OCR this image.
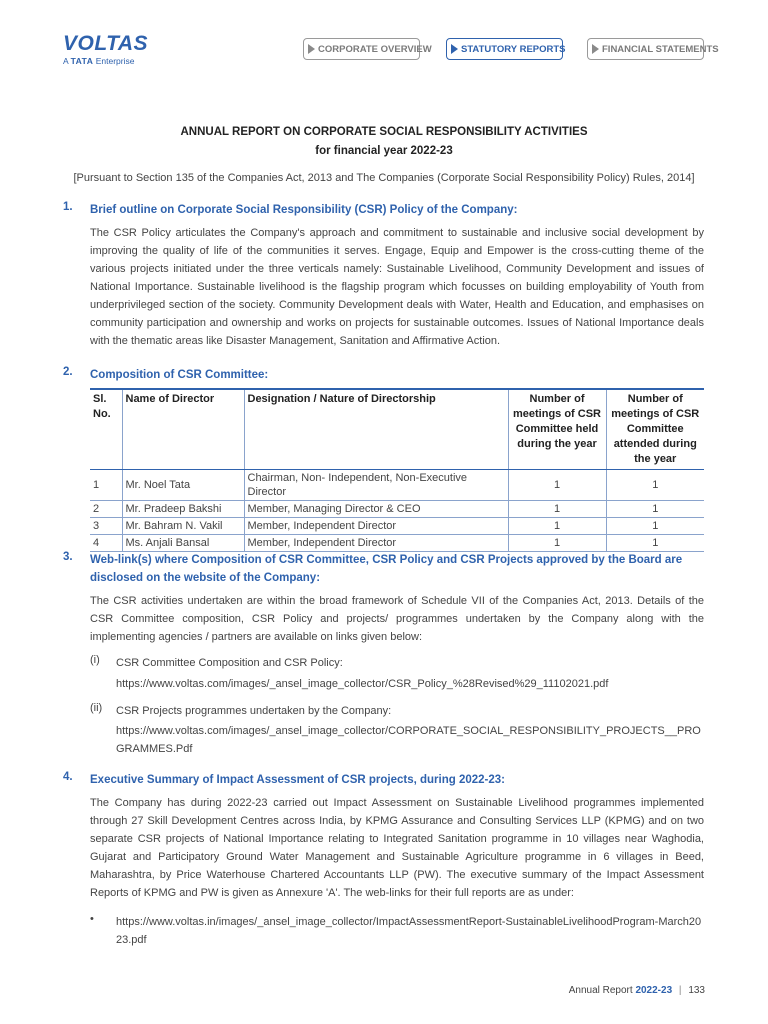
VOLTAS
A TATA Enterprise
CORPORATE OVERVIEW	STATUTORY REPORTS	FINANCIAL STATEMENTS
ANNUAL REPORT ON CORPORATE SOCIAL RESPONSIBILITY ACTIVITIES
for financial year 2022-23
[Pursuant to Section 135 of the Companies Act, 2013 and The Companies (Corporate Social Responsibility Policy) Rules, 2014]
1. Brief outline on Corporate Social Responsibility (CSR) Policy of the Company:
The CSR Policy articulates the Company's approach and commitment to sustainable and inclusive social development by improving the quality of life of the communities it serves. Engage, Equip and Empower is the cross-cutting theme of the various projects initiated under the three verticals namely: Sustainable Livelihood, Community Development and issues of National Importance. Sustainable livelihood is the flagship program which focusses on building employability of Youth from underprivileged section of the society. Community Development deals with Water, Health and Education, and emphasises on community participation and ownership and works on projects for sustainable outcomes. Issues of National Importance deals with the thematic areas like Disaster Management, Sanitation and Affirmative Action.
2. Composition of CSR Committee:
Sl. No.	Name of Director	Designation / Nature of Directorship	Number of meetings of CSR Committee held during the year	Number of meetings of CSR Committee attended during the year
1	Mr. Noel Tata	Chairman, Non- Independent, Non-Executive Director	1	1
2	Mr. Pradeep Bakshi	Member, Managing Director & CEO	1	1
3	Mr. Bahram N. Vakil	Member, Independent Director	1	1
4	Ms. Anjali Bansal	Member, Independent Director	1	1
3. Web-link(s) where Composition of CSR Committee, CSR Policy and CSR Projects approved by the Board are disclosed on the website of the Company:
The CSR activities undertaken are within the broad framework of Schedule VII of the Companies Act, 2013. Details of the CSR Committee composition, CSR Policy and projects/ programmes undertaken by the Company along with the implementing agencies / partners are available on links given below:
(i) CSR Committee Composition and CSR Policy:
https://www.voltas.com/images/_ansel_image_collector/CSR_Policy_%28Revised%29_11102021.pdf
(ii) CSR Projects programmes undertaken by the Company:
https://www.voltas.com/images/_ansel_image_collector/CORPORATE_SOCIAL_RESPONSIBILITY_PROJECTS__PROGRAMMES.Pdf
4. Executive Summary of Impact Assessment of CSR projects, during 2022-23:
The Company has during 2022-23 carried out Impact Assessment on Sustainable Livelihood programmes implemented through 27 Skill Development Centres across India, by KPMG Assurance and Consulting Services LLP (KPMG) and on two separate CSR projects of National Importance relating to Integrated Sanitation programme in 10 villages near Waghodia, Gujarat and Participatory Ground Water Management and Sustainable Agriculture programme in 6 villages in Beed, Maharashtra, by Price Waterhouse Chartered Accountants LLP (PW). The executive summary of the Impact Assessment Reports of KPMG and PW is given as Annexure 'A'. The web-links for their full reports are as under:
• https://www.voltas.in/images/_ansel_image_collector/ImpactAssessmentReport-SustainableLivelihoodProgram-March2023.pdf
Annual Report 2022-23 | 133
